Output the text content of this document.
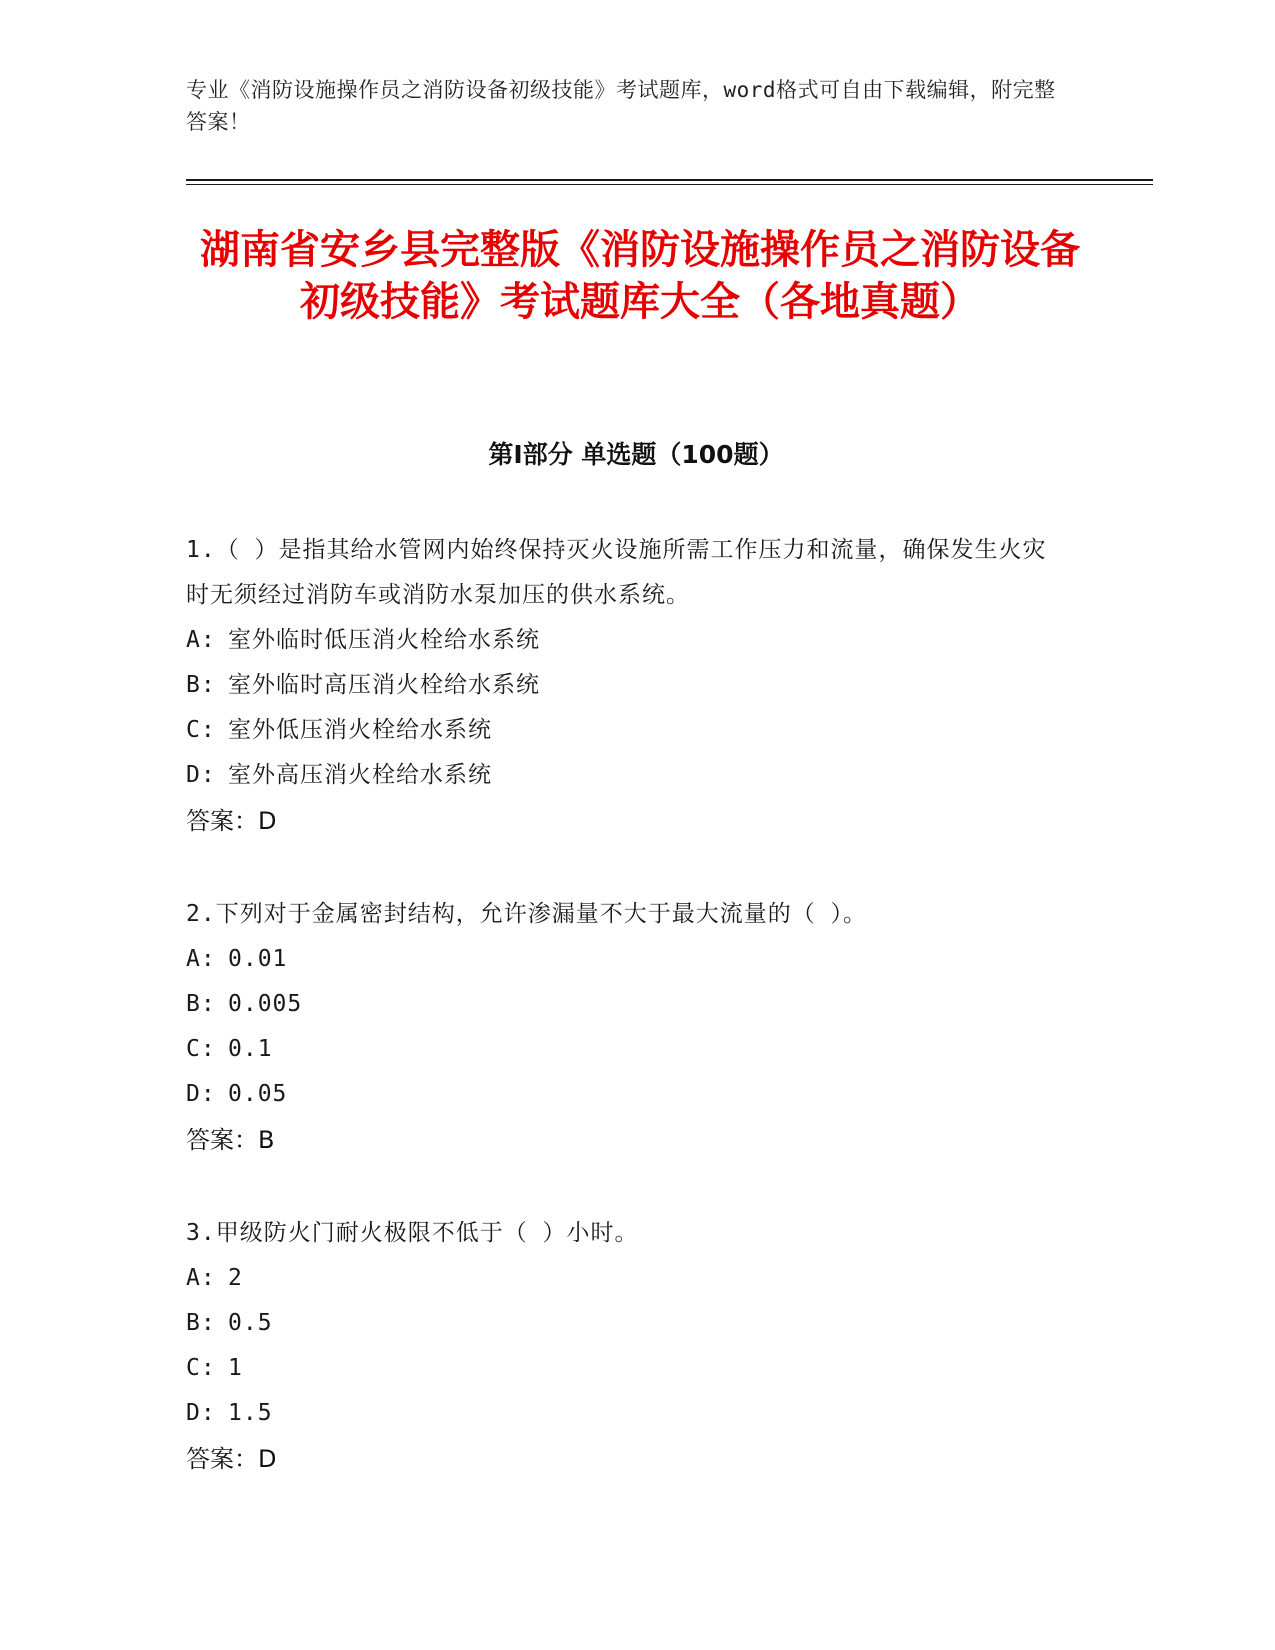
专业《消防设施操作员之消防设备初级技能》考试题库，word格式可自由下载编辑，附完整答案！
湖南省安乡县完整版《消防设施操作员之消防设备初级技能》考试题库大全（各地真题）
第Ⅰ部分 单选题（100题）
1.（ ）是指其给水管网内始终保持灭火设施所需工作压力和流量，确保发生火灾时无须经过消防车或消防水泵加压的供水系统。
A: 室外临时低压消火栓给水系统
B: 室外临时高压消火栓给水系统
C: 室外低压消火栓给水系统
D: 室外高压消火栓给水系统
答案：D
2.下列对于金属密封结构，允许渗漏量不大于最大流量的（ ）。
A: 0.01
B: 0.005
C: 0.1
D: 0.05
答案：B
3.甲级防火门耐火极限不低于（ ）小时。
A: 2
B: 0.5
C: 1
D: 1.5
答案：D
